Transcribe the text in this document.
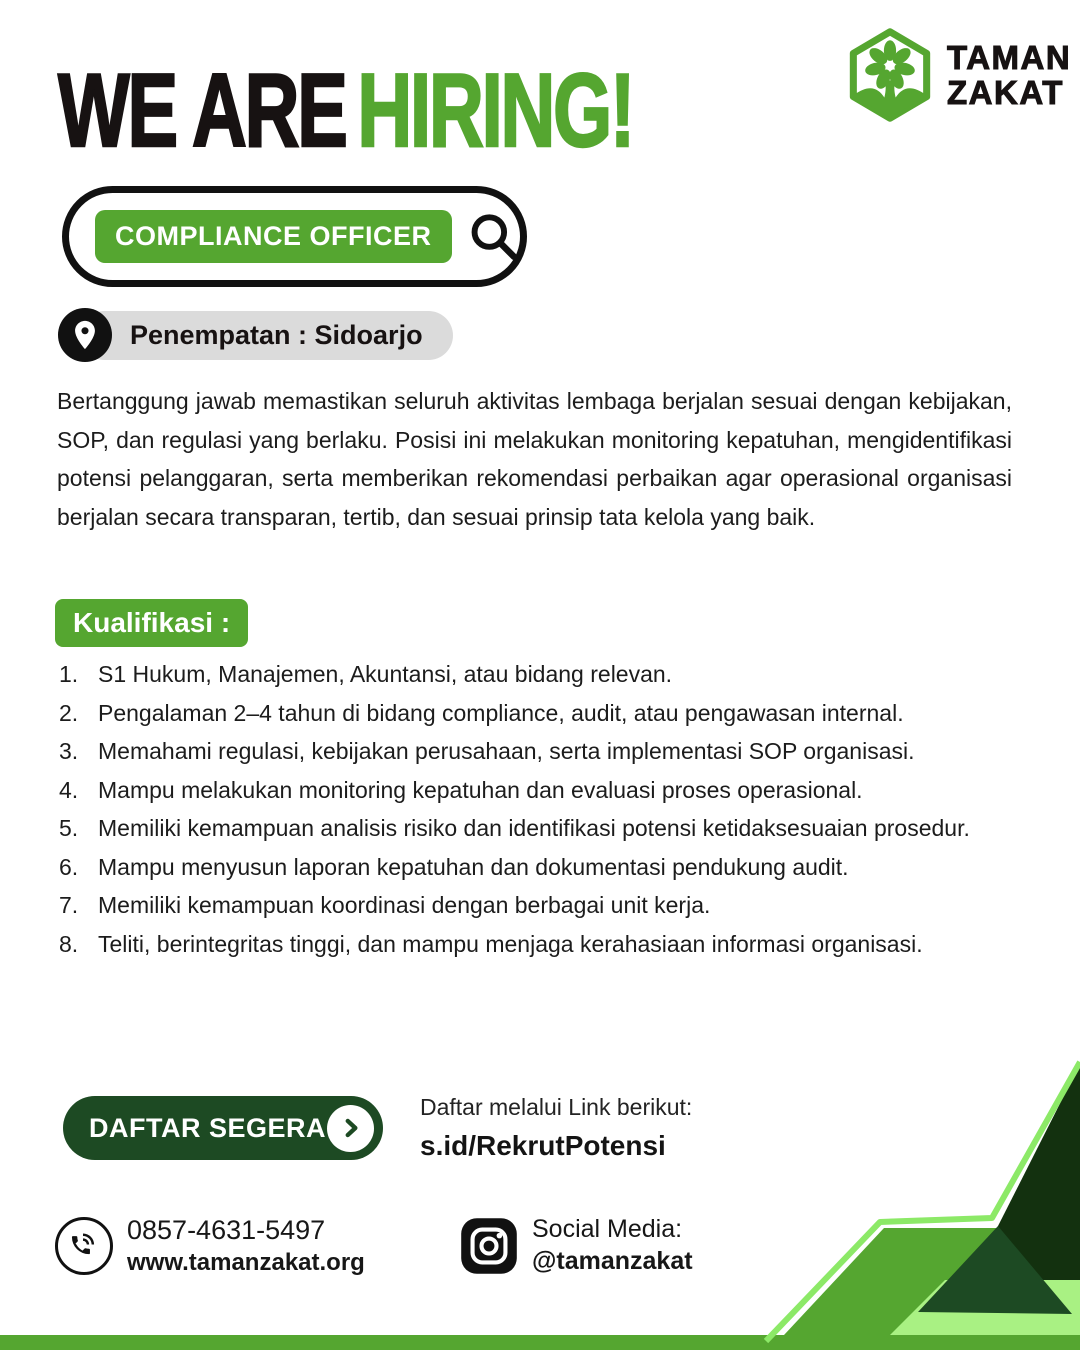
WE ARE HIRING!	TAMAN
ZAKAT
COMPLIANCE OFFICER
Penempatan : Sidoarjo

Bertanggung jawab memastikan seluruh aktivitas lembaga berjalan sesuai dengan kebijakan, SOP, dan regulasi yang berlaku. Posisi ini melakukan monitoring kepatuhan, mengidentifikasi potensi pelanggaran, serta memberikan rekomendasi perbaikan agar operasional organisasi berjalan secara transparan, tertib, dan sesuai prinsip tata kelola yang baik.

Kualifikasi :
S1 Hukum, Manajemen, Akuntansi, atau bidang relevan.
Pengalaman 2–4 tahun di bidang compliance, audit, atau pengawasan internal.
Memahami regulasi, kebijakan perusahaan, serta implementasi SOP organisasi.
Mampu melakukan monitoring kepatuhan dan evaluasi proses operasional.
Memiliki kemampuan analisis risiko dan identifikasi potensi ketidaksesuaian prosedur.
Mampu menyusun laporan kepatuhan dan dokumentasi pendukung audit.
Memiliki kemampuan koordinasi dengan berbagai unit kerja.
Teliti, berintegritas tinggi, dan mampu menjaga kerahasiaan informasi organisasi.
DAFTAR SEGERA
Daftar melalui Link berikut:
s.id/RekrutPotensi
0857-4631-5497
www.tamanzakat.org
Social Media:
@tamanzakat
